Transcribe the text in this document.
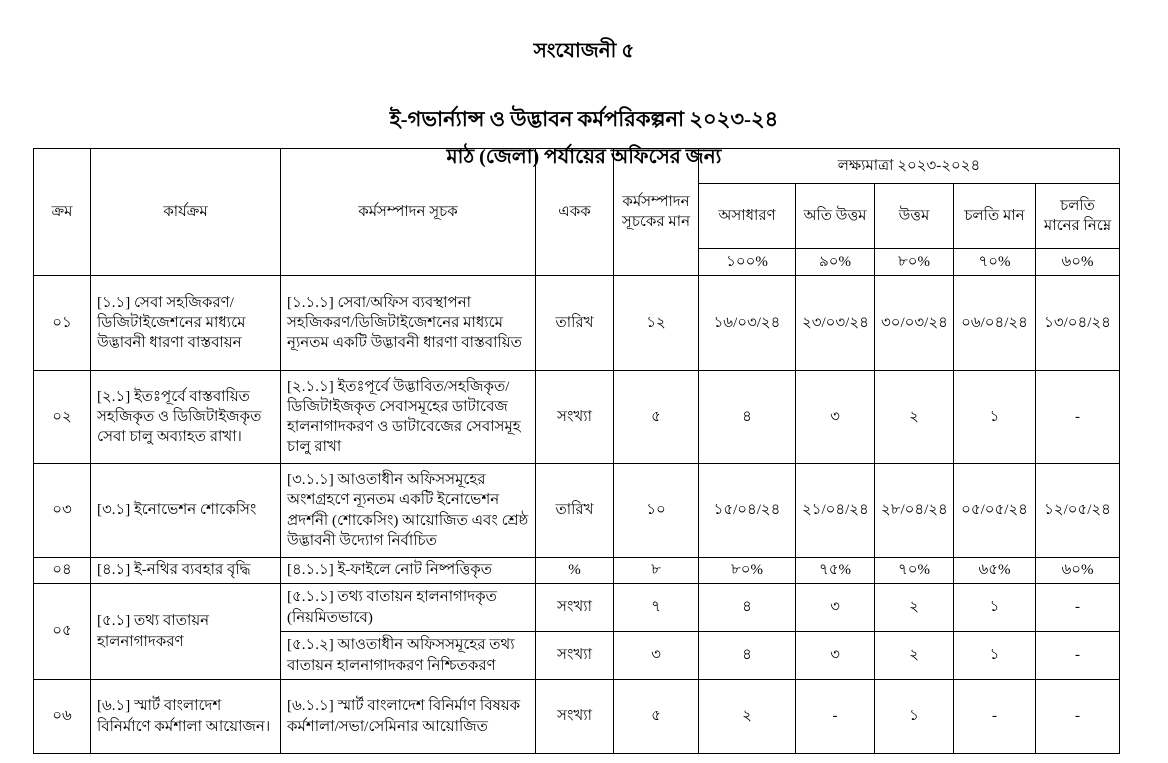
সংযোজনী ৫
ই-গভার্ন্যান্স ও উদ্ভাবন কর্মপরিকল্পনা ২০২৩-২৪
মাঠ (জেলা) পর্যায়ের অফিসের জন্য
ক্রম	কার্যক্রম	কর্মসম্পাদন সূচক	একক	কর্মসম্পাদন সূচকের মান	লক্ষ্যমাত্রা ২০২৩-২০২৪				
					অসাধারণ	অতি উত্তম	উত্তম	চলতি মান	চলতি মানের নিম্নে
					১০০%	৯০%	৮০%	৭০%	৬০%
০১	[১.১] সেবা সহজিকরণ/ ডিজিটাইজেশনের মাধ্যমে উদ্ভাবনী ধারণা বাস্তবায়ন	[১.১.১] সেবা/অফিস ব্যবস্থাপনা সহজিকরণ/ডিজিটাইজেশনের মাধ্যমে ন্যূনতম একটি উদ্ভাবনী ধারণা বাস্তবায়িত	তারিখ	১২	১৬/০৩/২৪	২৩/০৩/২৪	৩০/০৩/২৪	০৬/০৪/২৪	১৩/০৪/২৪
০২	[২.১] ইতঃপূর্বে বাস্তবায়িত সহজিকৃত ও ডিজিটাইজকৃত সেবা চালু অব্যাহত রাখা।	[২.১.১] ইতঃপূর্বে উদ্ভাবিত/সহজিকৃত/ ডিজিটাইজকৃত সেবাসমূহের ডাটাবেজ হালনাগাদকরণ ও ডাটাবেজের সেবাসমূহ চালু রাখা	সংখ্যা	৫	৪	৩	২	১	-
০৩	[৩.১] ইনোভেশন শোকেসিং	[৩.১.১] আওতাধীন অফিসসমূহের অংশগ্রহণে ন্যূনতম একটি ইনোভেশন প্রদর্শনী (শোকেসিং) আয়োজিত এবং শ্রেষ্ঠ উদ্ভাবনী উদ্যোগ নির্বাচিত	তারিখ	১০	১৫/০৪/২৪	২১/০৪/২৪	২৮/০৪/২৪	০৫/০৫/২৪	১২/০৫/২৪
০৪	[৪.১] ই-নথির ব্যবহার বৃদ্ধি	[৪.১.১] ই-ফাইলে নোট নিষ্পত্তিকৃত	%	৮	৮০%	৭৫%	৭০%	৬৫%	৬০%
০৫	[৫.১] তথ্য বাতায়ন হালনাগাদকরণ	[৫.১.১] তথ্য বাতায়ন হালনাগাদকৃত (নিয়মিতভাবে)	সংখ্যা	৭	৪	৩	২	১	-
		[৫.১.২] আওতাধীন অফিসসমূহের তথ্য বাতায়ন হালনাগাদকরণ নিশ্চিতকরণ	সংখ্যা	৩	৪	৩	২	১	-
০৬	[৬.১] স্মার্ট বাংলাদেশ বিনির্মাণে কর্মশালা আয়োজন।	[৬.১.১] স্মার্ট বাংলাদেশ বিনির্মাণ বিষয়ক কর্মশালা/সভা/সেমিনার আয়োজিত	সংখ্যা	৫	২	-	১	-	-
